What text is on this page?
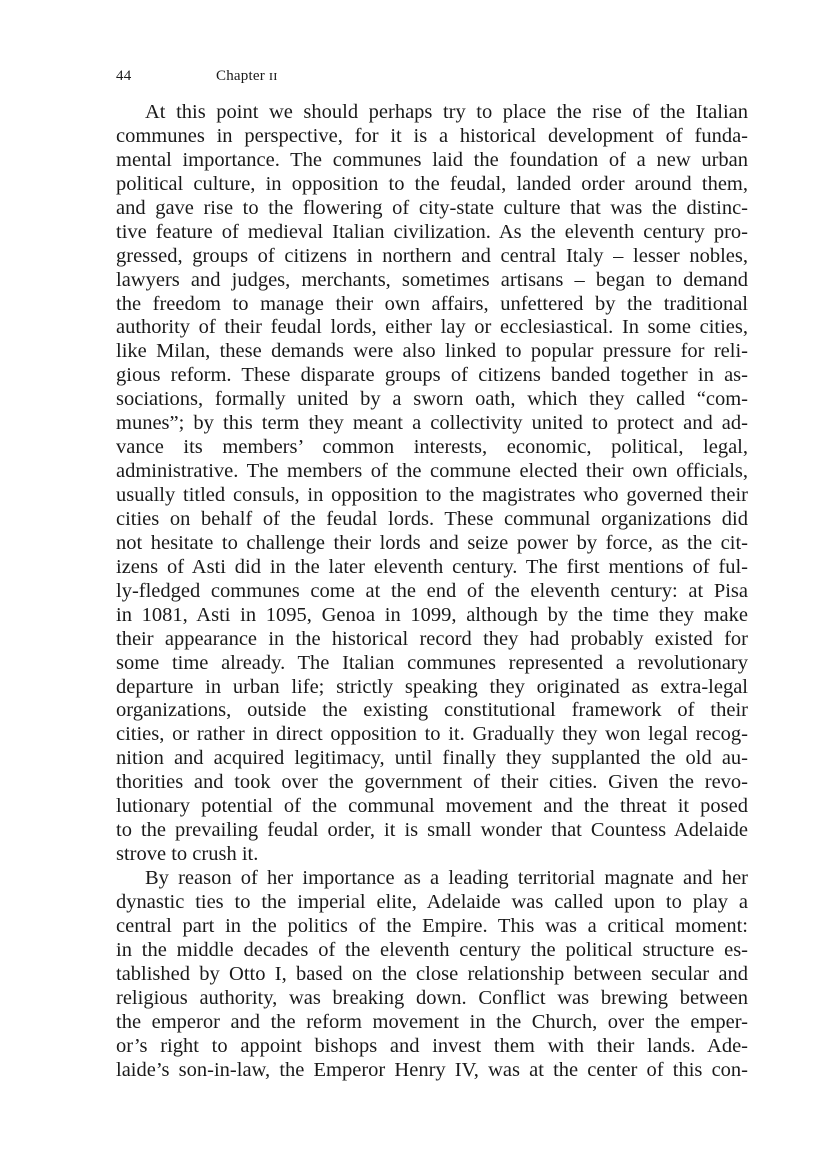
44	Chapter ɪɪ
At this point we should perhaps try to place the rise of the Italian
communes in perspective, for it is a historical development of funda-
mental importance. The communes laid the foundation of a new urban
political culture, in opposition to the feudal, landed order around them,
and gave rise to the flowering of city-state culture that was the distinc-
tive feature of medieval Italian civilization. As the eleventh century pro-
gressed, groups of citizens in northern and central Italy – lesser nobles,
lawyers and judges, merchants, sometimes artisans – began to demand
the freedom to manage their own affairs, unfettered by the traditional
authority of their feudal lords, either lay or ecclesiastical. In some cities,
like Milan, these demands were also linked to popular pressure for reli-
gious reform. These disparate groups of citizens banded together in as-
sociations, formally united by a sworn oath, which they called “com-
munes”; by this term they meant a collectivity united to protect and ad-
vance its members’ common interests, economic, political, legal,
administrative. The members of the commune elected their own officials,
usually titled consuls, in opposition to the magistrates who governed their
cities on behalf of the feudal lords. These communal organizations did
not hesitate to challenge their lords and seize power by force, as the cit-
izens of Asti did in the later eleventh century. The first mentions of ful-
ly-fledged communes come at the end of the eleventh century: at Pisa
in 1081, Asti in 1095, Genoa in 1099, although by the time they make
their appearance in the historical record they had probably existed for
some time already. The Italian communes represented a revolutionary
departure in urban life; strictly speaking they originated as extra-legal
organizations, outside the existing constitutional framework of their
cities, or rather in direct opposition to it. Gradually they won legal recog-
nition and acquired legitimacy, until finally they supplanted the old au-
thorities and took over the government of their cities. Given the revo-
lutionary potential of the communal movement and the threat it posed
to the prevailing feudal order, it is small wonder that Countess Adelaide
strove to crush it.
By reason of her importance as a leading territorial magnate and her
dynastic ties to the imperial elite, Adelaide was called upon to play a
central part in the politics of the Empire. This was a critical moment:
in the middle decades of the eleventh century the political structure es-
tablished by Otto I, based on the close relationship between secular and
religious authority, was breaking down. Conflict was brewing between
the emperor and the reform movement in the Church, over the emper-
or’s right to appoint bishops and invest them with their lands. Ade-
laide’s son-in-law, the Emperor Henry IV, was at the center of this con-
